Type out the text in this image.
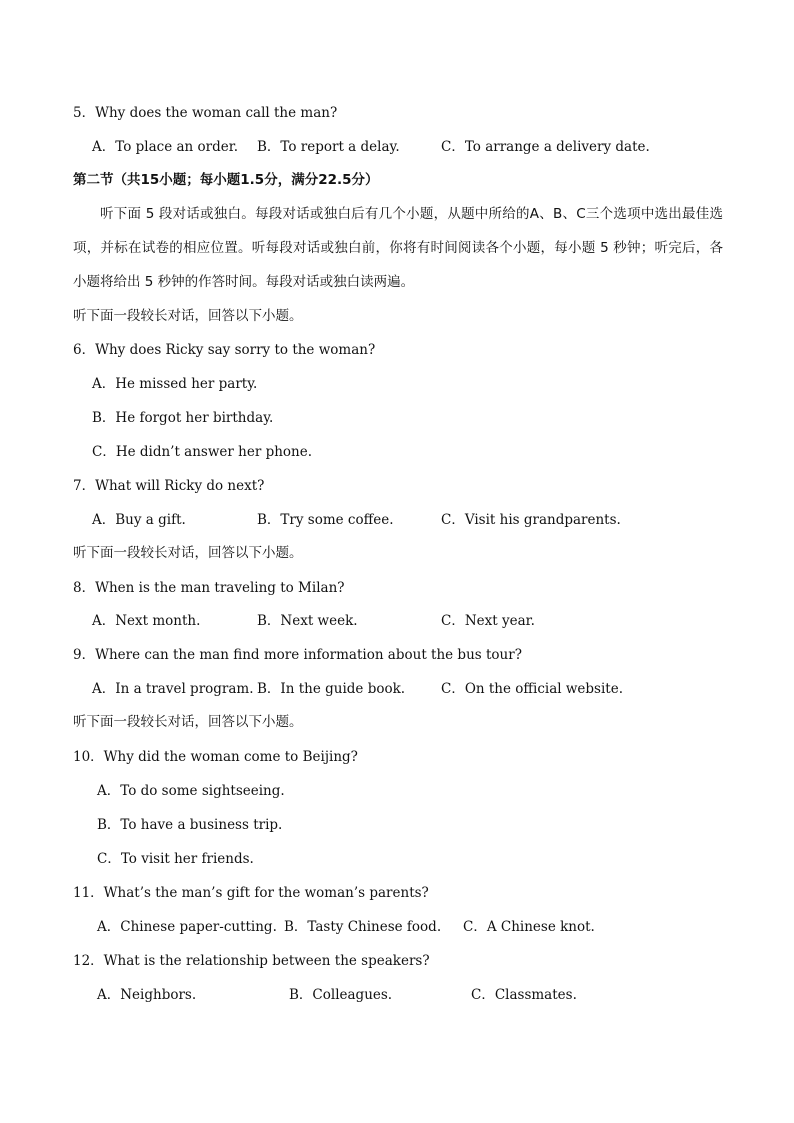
5．Why does the woman call the man?
A．To place an order. B．To report a delay.	C．To arrange a delivery date.
第二节（共15小题；每小题1.5分，满分22.5分）

听下面 5 段对话或独白。每段对话或独白后有几个小题，从题中所给的A、B、C三个选项中选出最佳选项，并标在试卷的相应位置。听每段对话或独白前，你将有时间阅读各个小题，每小题 5 秒钟；听完后，各小题将给出 5 秒钟的作答时间。每段对话或独白读两遍。

听下面一段较长对话，回答以下小题。
6．Why does Ricky say sorry to the woman?
A．He missed her party.
B．He forgot her birthday.
C．He didn’t answer her phone.
7．What will Ricky do next?
A．Buy a gift.	B．Try some coffee.	C．Visit his grandparents.
听下面一段较长对话，回答以下小题。
8．When is the man traveling to Milan?
A．Next month.	B．Next week.	C．Next year.
9．Where can the man find more information about the bus tour?
A．In a travel program. B．In the guide book.	C．On the official website.
听下面一段较长对话，回答以下小题。
10．Why did the woman come to Beijing?
A．To do some sightseeing.
B．To have a business trip.
C．To visit her friends.
11．What’s the man’s gift for the woman’s parents?
A．Chinese paper-cutting. B．Tasty Chinese food. C．A Chinese knot.
12．What is the relationship between the speakers?
A．Neighbors.	B．Colleagues.	C．Classmates.
